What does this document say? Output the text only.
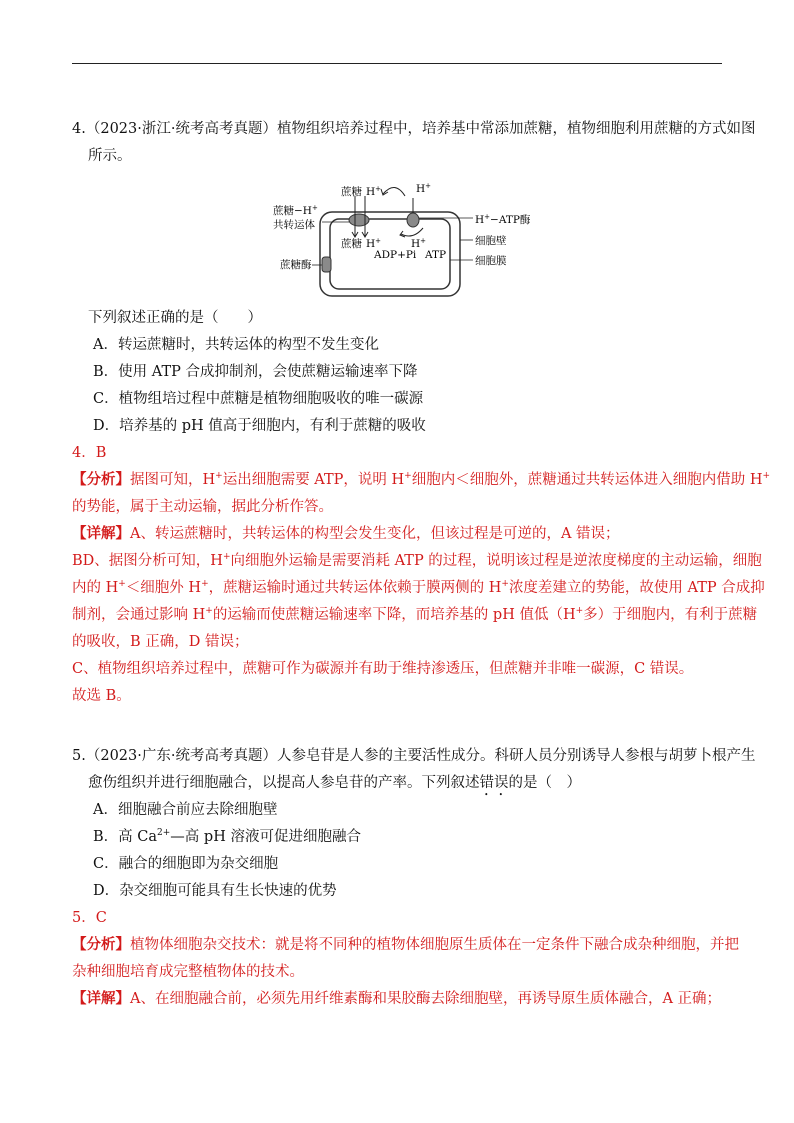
4.（2023·浙江·统考高考真题）植物组织培养过程中，培养基中常添加蔗糖，植物细胞利用蔗糖的方式如图
所示。
蔗糖 H+	H+
蔗糖−H+
共转运体
蔗糖 H+	H+
ADP+Pi ATP
H+−ATP酶
细胞壁
细胞膜
蔗糖酶
下列叙述正确的是（　　）
A．转运蔗糖时，共转运体的构型不发生变化
B．使用 ATP 合成抑制剂，会使蔗糖运输速率下降
C．植物组培过程中蔗糖是植物细胞吸收的唯一碳源
D．培养基的 pH 值高于细胞内，有利于蔗糖的吸收
4．B
【分析】据图可知，H+运出细胞需要 ATP，说明 H+细胞内＜细胞外，蔗糖通过共转运体进入细胞内借助 H+
的势能，属于主动运输，据此分析作答。
【详解】A、转运蔗糖时，共转运体的构型会发生变化，但该过程是可逆的，A 错误；
BD、据图分析可知，H+向细胞外运输是需要消耗 ATP 的过程，说明该过程是逆浓度梯度的主动运输，细胞
内的 H+＜细胞外 H+，蔗糖运输时通过共转运体依赖于膜两侧的 H+浓度差建立的势能，故使用 ATP 合成抑
制剂，会通过影响 H+的运输而使蔗糖运输速率下降，而培养基的 pH 值低（H+多）于细胞内，有利于蔗糖
的吸收，B 正确，D 错误；
C、植物组织培养过程中，蔗糖可作为碳源并有助于维持渗透压，但蔗糖并非唯一碳源，C 错误。
故选 B。
5.（2023·广东·统考高考真题）人参皂苷是人参的主要活性成分。科研人员分别诱导人参根与胡萝卜根产生
愈伤组织并进行细胞融合，以提高人参皂苷的产率。下列叙述错误的是（　）
A．细胞融合前应去除细胞壁
B．高 $Ca^{2+}—$高 pH 溶液可促进细胞融合
C．融合的细胞即为杂交细胞
D．杂交细胞可能具有生长快速的优势
5．C
【分析】植物体细胞杂交技术：就是将不同种的植物体细胞原生质体在一定条件下融合成杂种细胞，并把
杂种细胞培育成完整植物体的技术。
【详解】A、在细胞融合前，必须先用纤维素酶和果胶酶去除细胞壁，再诱导原生质体融合，A 正确；
